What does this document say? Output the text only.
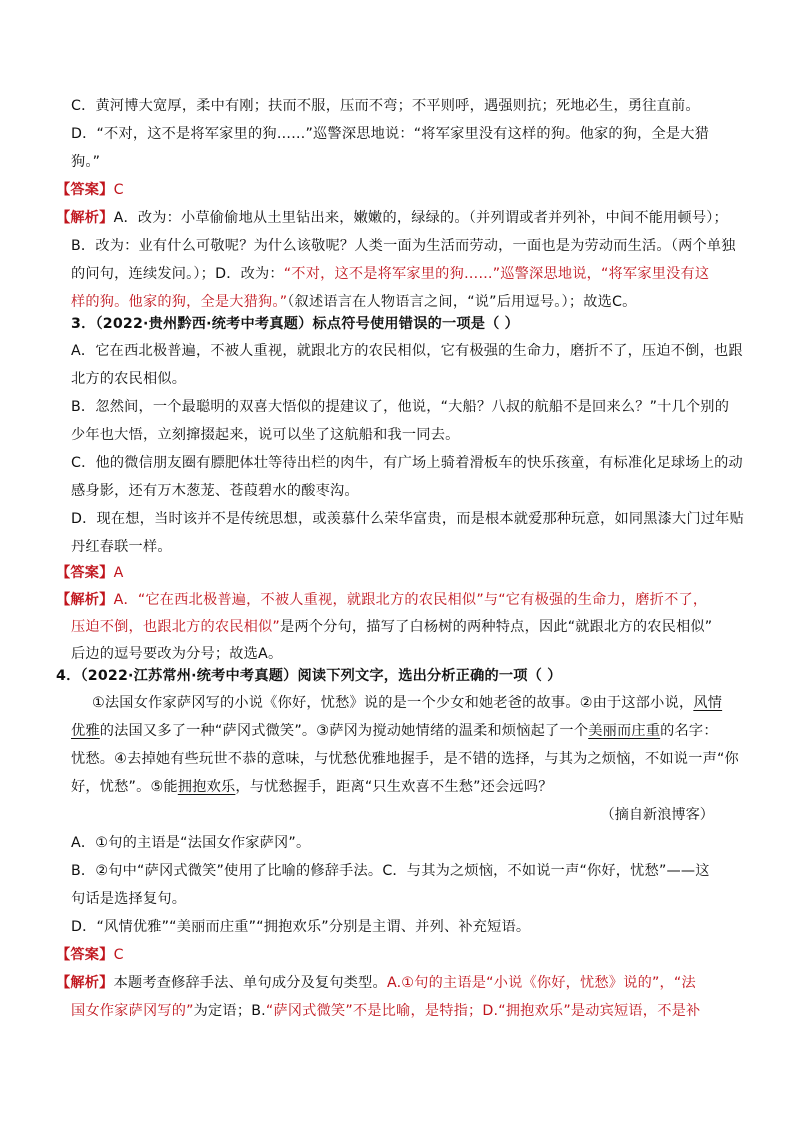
C．黄河博大宽厚，柔中有刚；扶而不服，压而不弯；不平则呼，遇强则抗；死地必生，勇往直前。
D．“不对，这不是将军家里的狗……”巡警深思地说：“将军家里没有这样的狗。他家的狗，全是大猎
狗。”
【答案】C
【解析】A．改为：小草偷偷地从土里钻出来，嫩嫩的，绿绿的。（并列谓或者并列补，中间不能用顿号）；
B．改为：业有什么可敬呢？为什么该敬呢？人类一面为生活而劳动，一面也是为劳动而生活。（两个单独
的问句，连续发问。）；D．改为：“不对，这不是将军家里的狗……”巡警深思地说，“将军家里没有这
样的狗。他家的狗，全是大猎狗。”（叙述语言在人物语言之间，“说”后用逗号。）；故选C。
3．（2022·贵州黔西·统考中考真题）标点符号使用错误的一项是（ ）
A．它在西北极普遍，不被人重视，就跟北方的农民相似，它有极强的生命力，磨折不了，压迫不倒，也跟
北方的农民相似。
B．忽然间，一个最聪明的双喜大悟似的提建议了，他说，“大船？八叔的航船不是回来么？”十几个别的
少年也大悟，立刻撺掇起来，说可以坐了这航船和我一同去。
C．他的微信朋友圈有膘肥体壮等待出栏的肉牛，有广场上骑着滑板车的快乐孩童，有标准化足球场上的动
感身影，还有万木葱茏、苍葭碧水的酸枣沟。
D．现在想，当时该并不是传统思想，或羡慕什么荣华富贵，而是根本就爱那种玩意，如同黑漆大门过年贴
丹红春联一样。
【答案】A
【解析】A．“它在西北极普遍，不被人重视，就跟北方的农民相似”与“它有极强的生命力，磨折不了，
压迫不倒，也跟北方的农民相似”是两个分句，描写了白杨树的两种特点，因此“就跟北方的农民相似”
后边的逗号要改为分号；故选A。
4．（2022·江苏常州·统考中考真题）阅读下列文字，选出分析正确的一项（ ）
①法国女作家萨冈写的小说《你好，忧愁》说的是一个少女和她老爸的故事。②由于这部小说，风情
优雅的法国又多了一种“萨冈式微笑”。③萨冈为搅动她情绪的温柔和烦恼起了一个美丽而庄重的名字：
忧愁。④去掉她有些玩世不恭的意味，与忧愁优雅地握手，是不错的选择，与其为之烦恼，不如说一声“你
好，忧愁”。⑤能拥抱欢乐，与忧愁握手，距离“只生欢喜不生愁”还会远吗？
（摘自新浪博客）
A．①句的主语是“法国女作家萨冈”。
B．②句中“萨冈式微笑”使用了比喻的修辞手法。C．与其为之烦恼，不如说一声“你好，忧愁”——这
句话是选择复句。
D．“风情优雅”“美丽而庄重”“拥抱欢乐”分别是主谓、并列、补充短语。
【答案】C
【解析】本题考查修辞手法、单句成分及复句类型。A.①句的主语是“小说《你好，忧愁》说的”，“法
国女作家萨冈写的”为定语；B.“萨冈式微笑”不是比喻，是特指；D.“拥抱欢乐”是动宾短语，不是补
